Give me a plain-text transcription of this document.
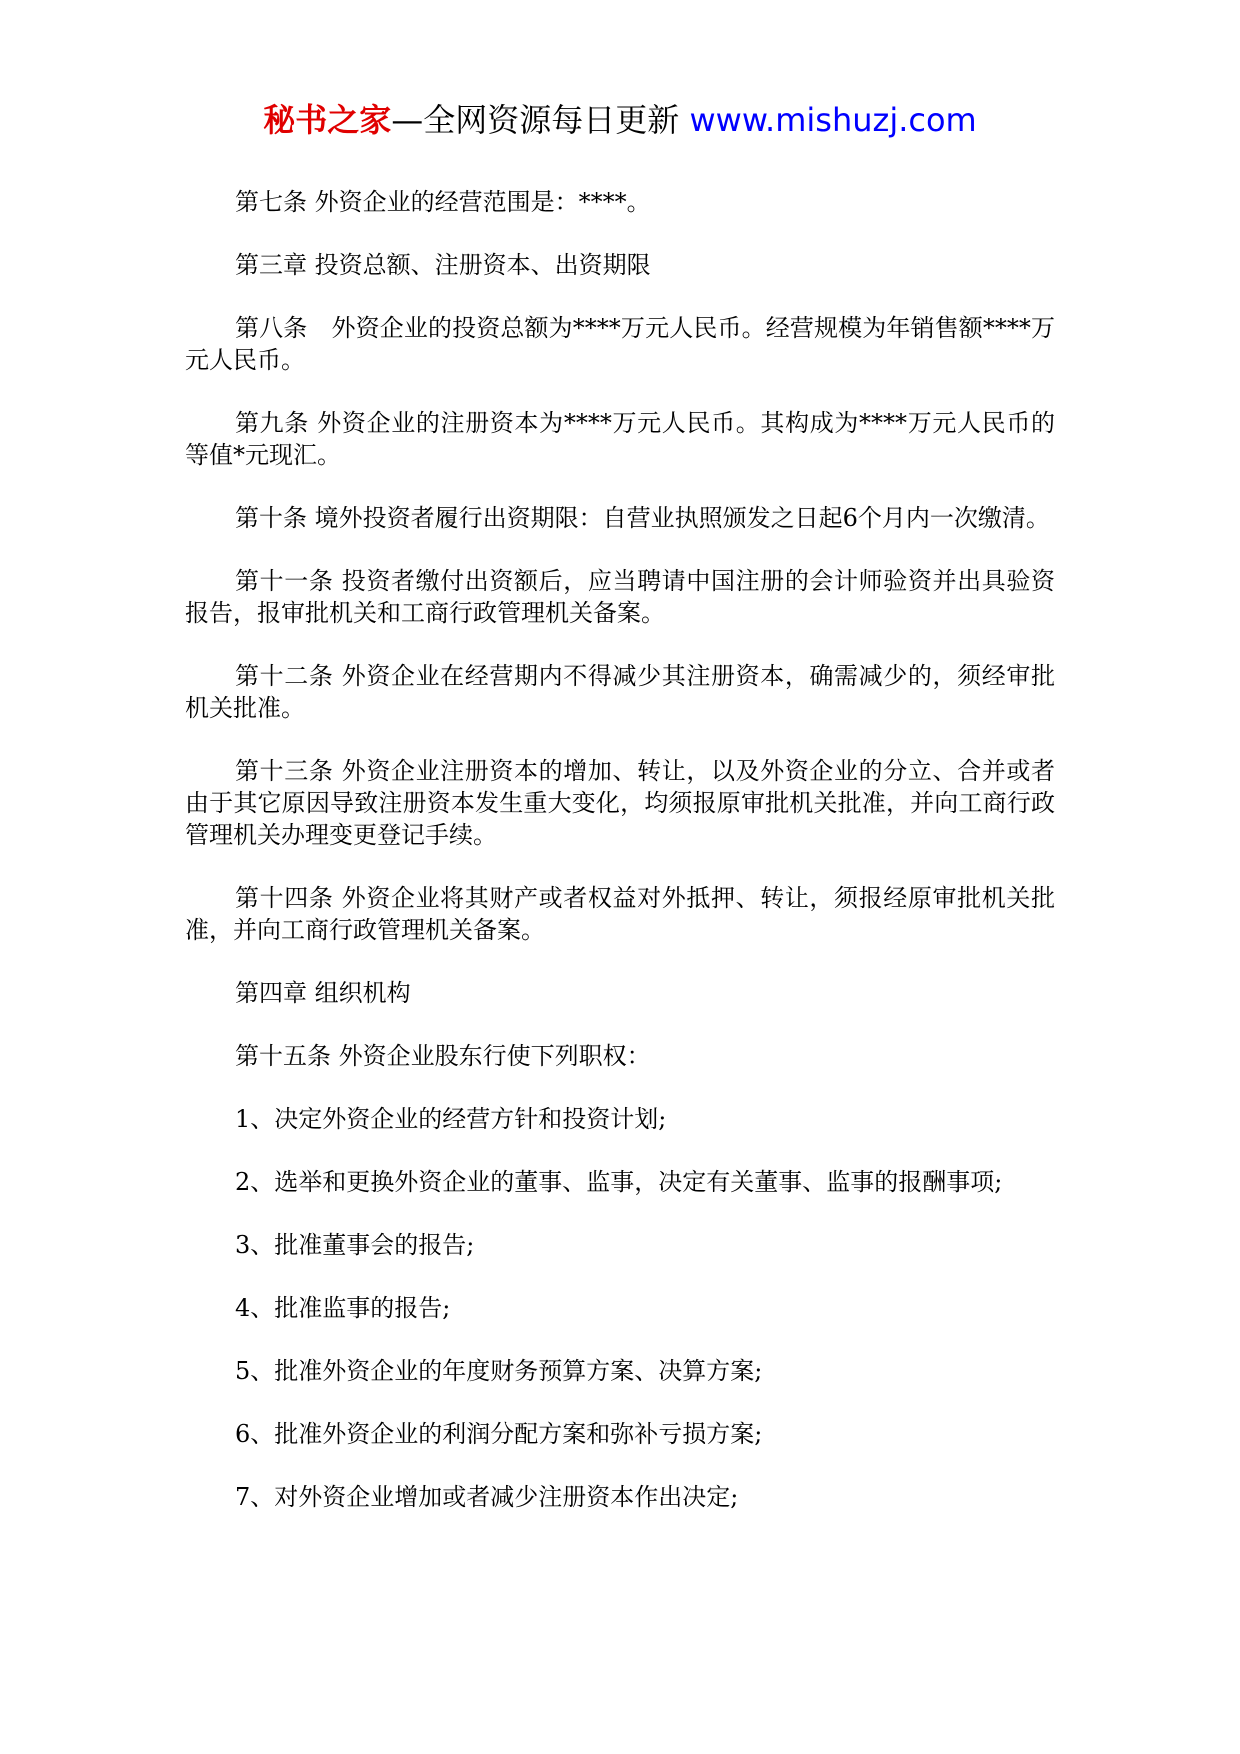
秘书之家—全网资源每日更新 www.mishuzj.com

第七条 外资企业的经营范围是：****。

第三章 投资总额、注册资本、出资期限

第八条　外资企业的投资总额为****万元人民币。经营规模为年销售额****万元人民币。

第九条 外资企业的注册资本为****万元人民币。其构成为****万元人民币的等值*元现汇。

第十条 境外投资者履行出资期限：自营业执照颁发之日起6个月内一次缴清。

第十一条 投资者缴付出资额后，应当聘请中国注册的会计师验资并出具验资报告，报审批机关和工商行政管理机关备案。

第十二条 外资企业在经营期内不得减少其注册资本，确需减少的，须经审批机关批准。

第十三条 外资企业注册资本的增加、转让，以及外资企业的分立、合并或者由于其它原因导致注册资本发生重大变化，均须报原审批机关批准，并向工商行政管理机关办理变更登记手续。

第十四条 外资企业将其财产或者权益对外抵押、转让，须报经原审批机关批准，并向工商行政管理机关备案。

第四章 组织机构

第十五条 外资企业股东行使下列职权：

1、决定外资企业的经营方针和投资计划;

2、选举和更换外资企业的董事、监事，决定有关董事、监事的报酬事项;

3、批准董事会的报告;

4、批准监事的报告;

5、批准外资企业的年度财务预算方案、决算方案;

6、批准外资企业的利润分配方案和弥补亏损方案;

7、对外资企业增加或者减少注册资本作出决定;
